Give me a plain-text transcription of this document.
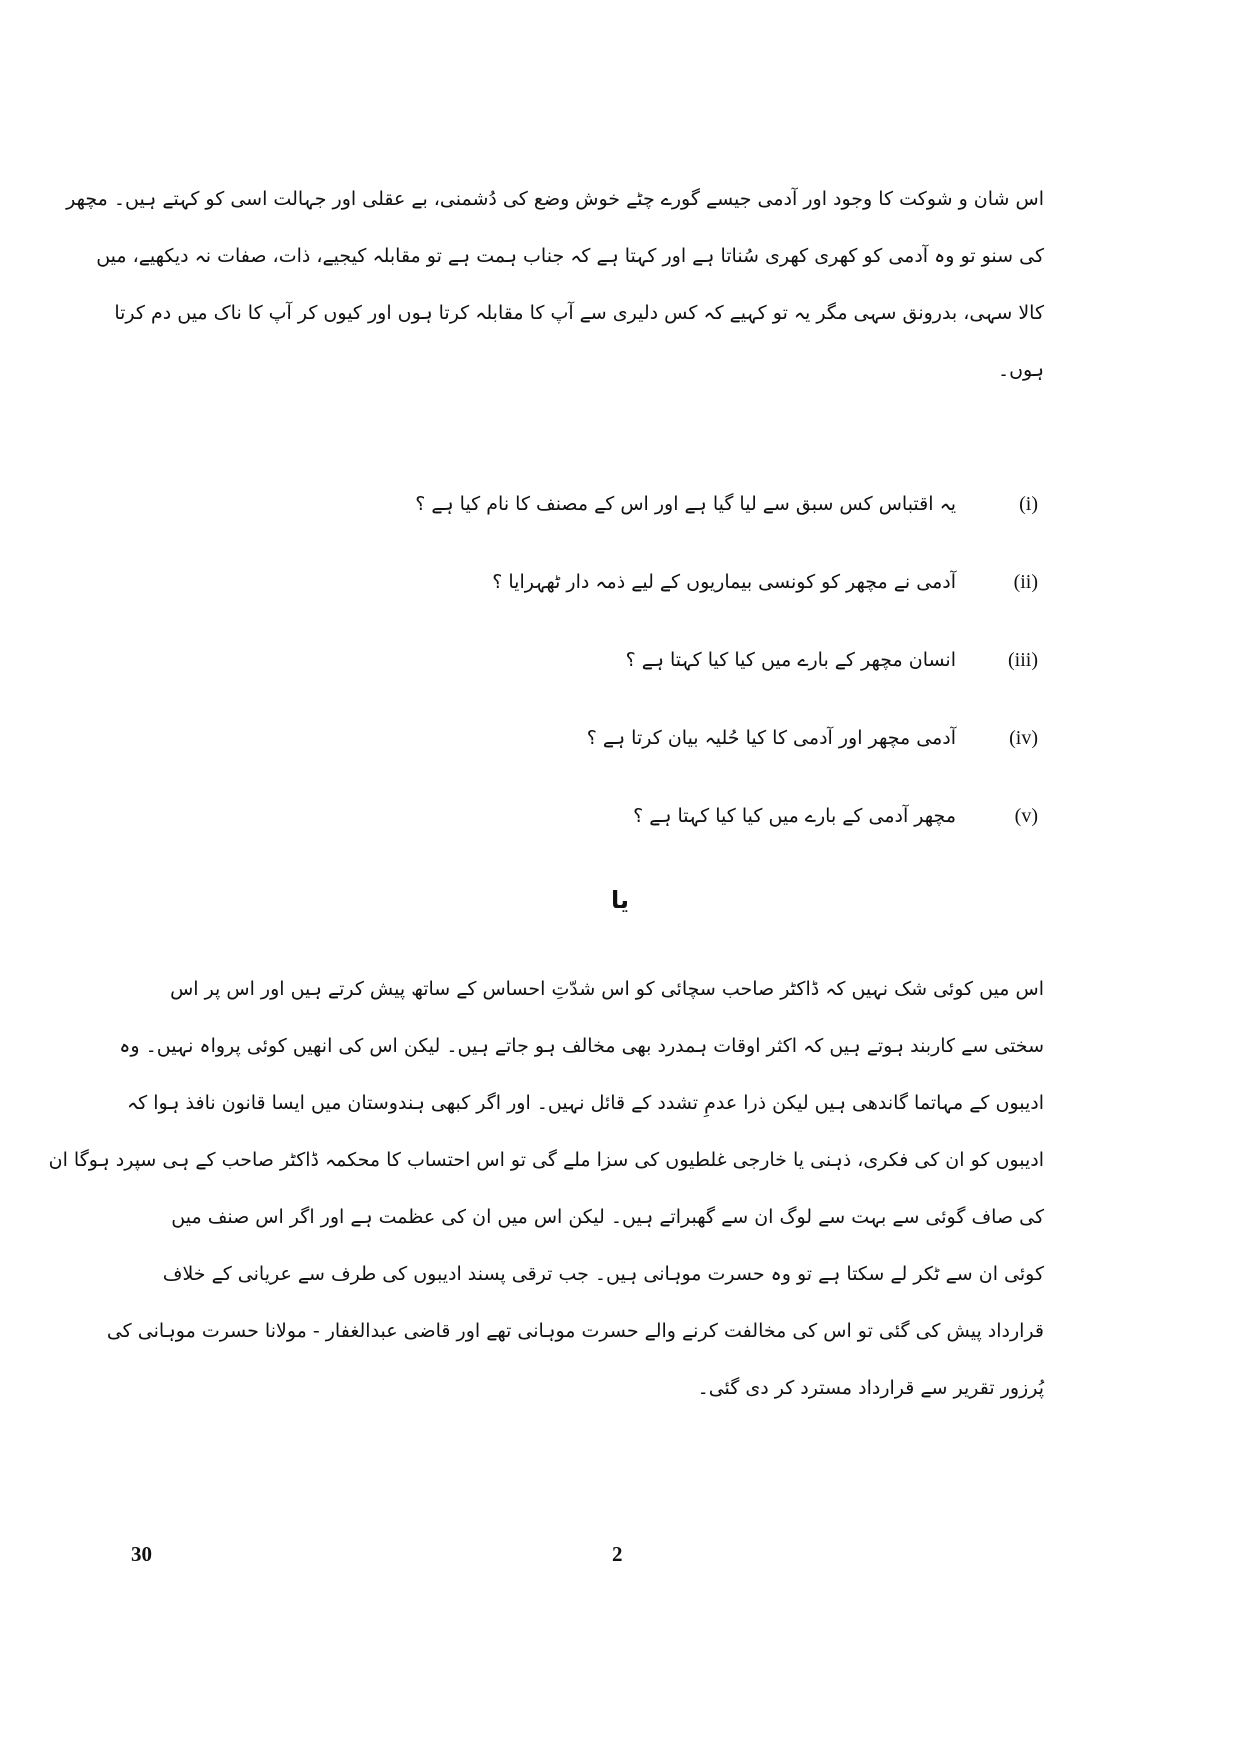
اس شان و شوکت کا وجود اور آدمی جیسے گورے چٹے خوش وضع کی دُشمنی، بے عقلی اور جہالت اسی کو کہتے ہیں۔ مچھر
کی سنو تو وہ آدمی کو کھری کھری سُناتا ہے اور کہتا ہے کہ جناب ہمت ہے تو مقابلہ کیجیے، ذات، صفات نہ دیکھیے، میں
کالا سہی، بدرونق سہی مگر یہ تو کہیے کہ کس دلیری سے آپ کا مقابلہ کرتا ہوں اور کیوں کر آپ کا ناک میں دم کرتا
ہوں۔
(i)
یہ اقتباس کس سبق سے لیا گیا ہے اور اس کے مصنف کا نام کیا ہے ؟
(ii)
آدمی نے مچھر کو کونسی بیماریوں کے لیے ذمہ دار ٹھہرایا ؟
(iii)
انسان مچھر کے بارے میں کیا کیا کہتا ہے ؟
(iv)
آدمی مچھر اور آدمی کا کیا حُلیہ بیان کرتا ہے ؟
(v)
مچھر آدمی کے بارے میں کیا کیا کہتا ہے ؟
یا
اس میں کوئی شک نہیں کہ ڈاکٹر صاحب سچائی کو اس شدّتِ احساس کے ساتھ پیش کرتے ہیں اور اس پر اس
سختی سے کاربند ہوتے ہیں کہ اکثر اوقات ہمدرد بھی مخالف ہو جاتے ہیں۔ لیکن اس کی انھیں کوئی پرواہ نہیں۔ وہ
ادیبوں کے مہاتما گاندھی ہیں لیکن ذرا عدمِ تشدد کے قائل نہیں۔ اور اگر کبھی ہندوستان میں ایسا قانون نافذ ہوا کہ
ادیبوں کو ان کی فکری، ذہنی یا خارجی غلطیوں کی سزا ملے گی تو اس احتساب کا محکمہ ڈاکٹر صاحب کے ہی سپرد ہوگا ان
کی صاف گوئی سے بہت سے لوگ ان سے گھبراتے ہیں۔ لیکن اس میں ان کی عظمت ہے اور اگر اس صنف میں
کوئی ان سے ٹکر لے سکتا ہے تو وہ حسرت موہانی ہیں۔ جب ترقی پسند ادیبوں کی طرف سے عریانی کے خلاف
قرارداد پیش کی گئی تو اس کی مخالفت کرنے والے حسرت موہانی تھے اور قاضی عبدالغفار - مولانا حسرت موہانی کی
پُرزور تقریر سے قرارداد مسترد کر دی گئی۔
30	2
